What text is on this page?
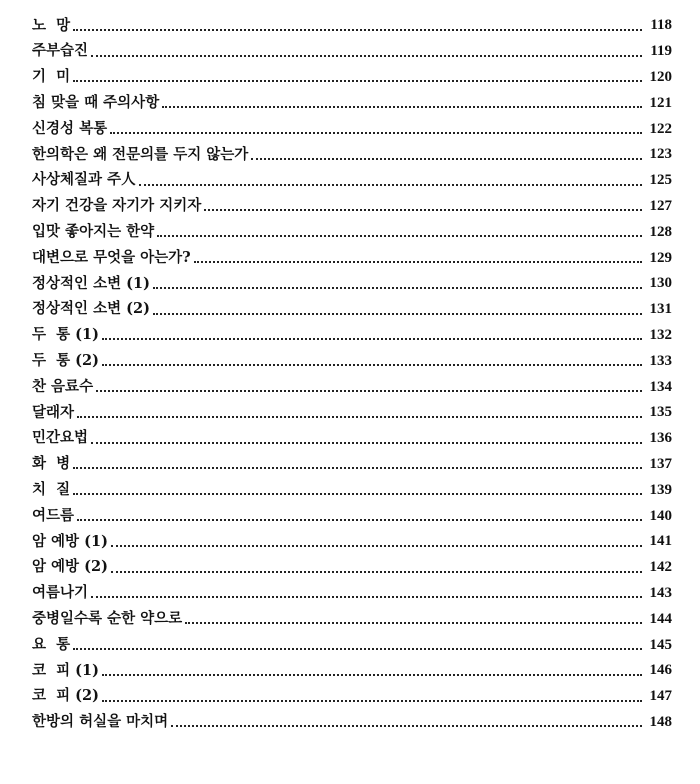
노  망	118
주부습진	119
기  미	120
침 맞을 때 주의사항	121
신경성 복통	122
한의학은 왜 전문의를 두지 않는가	123
사상체질과 주人	125
자기 건강을 자기가 지키자	127
입맛 좋아지는 한약	128
대변으로 무엇을 아는가?	129
정상적인 소변 (1)	130
정상적인 소변 (2)	131
두  통 (1)	132
두  통 (2)	133
찬 음료수	134
달래자	135
민간요법	136
화  병	137
치  질	139
여드름	140
암 예방 (1)	141
암 예방 (2)	142
여름나기	143
중병일수록 순한 약으로	144
요  통	145
코  피 (1)	146
코  피 (2)	147
한방의 허실을 마치며	148
